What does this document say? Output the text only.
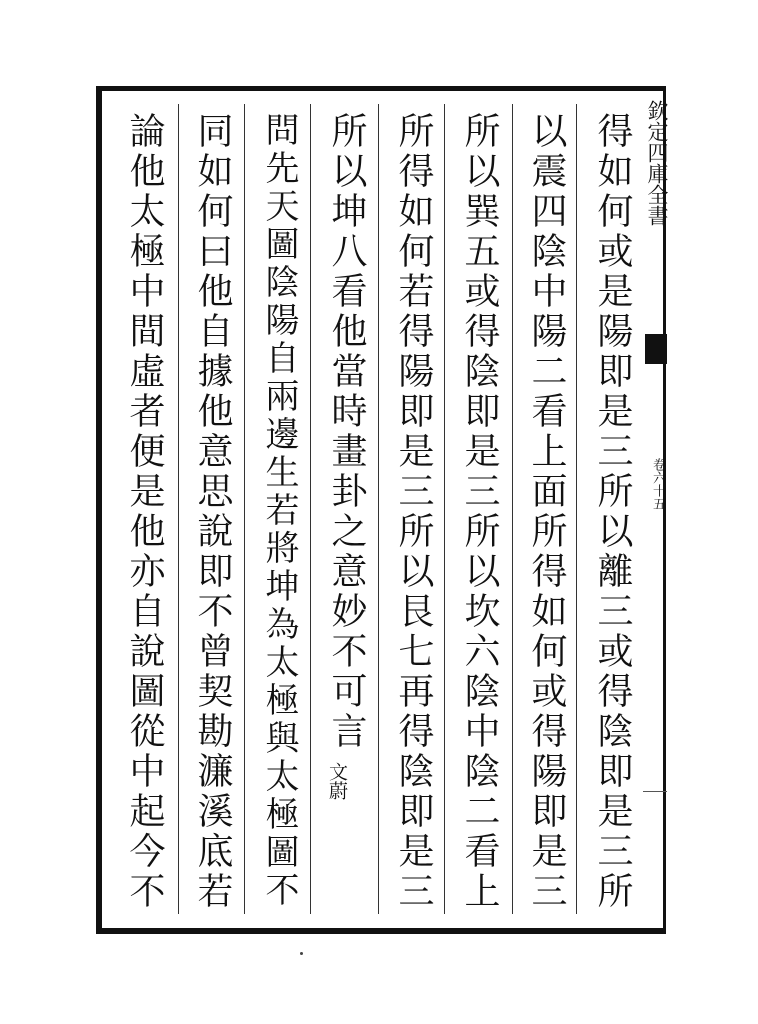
欽定四庫全書
卷六十五
得如何或是陽即是三所以離三或得陰即是三所
以震四陰中陽二看上面所得如何或得陽即是三
所以巽五或得陰即是三所以坎六陰中陰二看上
所得如何若得陽即是三所以艮七再得陰即是三
所以坤八看他當時畫卦之意妙不可言
問先天圖陰陽自兩邊生若將坤為太極與太極圖不
同如何曰他自據他意思說即不曾契勘濂溪底若
論他太極中間虛者便是他亦自說圖從中起今不	文蔚
